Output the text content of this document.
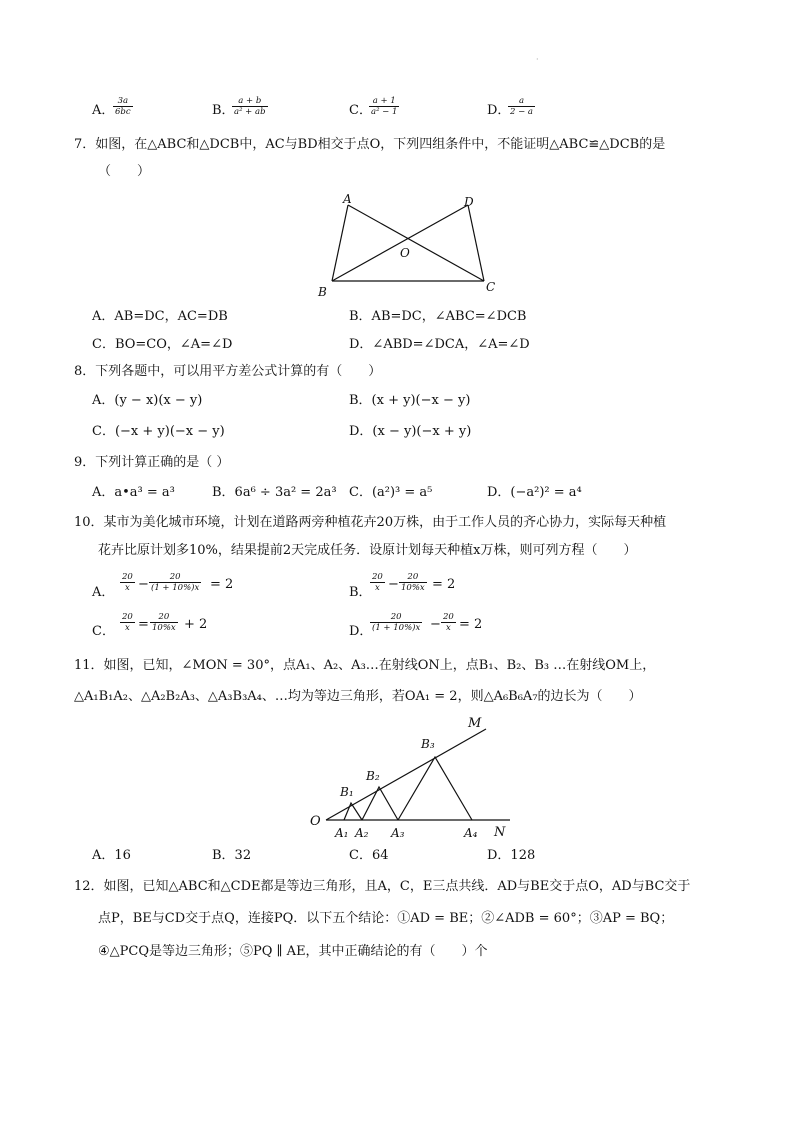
·
A．
$\frac{3a}{6bc}$	B．
$\frac{a + b}{\text{a² + ab}}$	C．
$\frac{a + 1}{\text{a² − 1}}$	D．
$\frac{a}{2 - a}$
7．如图，在△ABC和△DCB中，AC与BD相交于点O，下列四组条件中，不能证明△ABC≌△DCB的是
（　　）
A	D
O
B	C
A．AB=DC，AC=DB	B．AB=DC，∠ABC=∠DCB
C．BO=CO，∠A=∠D	D．∠ABD=∠DCA，∠A=∠D
8．下列各题中，可以用平方差公式计算的有（　　）
A．(y − x)(x − y)	B．(x + y)(−x − y)
C．(−x + y)(−x − y)	D．(x − y)(−x + y)
9．下列计算正确的是（ ）
A．a•a³ = a³	B．6a⁶ ÷ 3a² = 2a³ C．(a²)³ = a⁵	D．(−a²)² = a⁴
10．某市为美化城市环境，计划在道路两旁种植花卉20万株，由于工作人员的齐心协力，实际每天种植
花卉比原计划多10%，结果提前2天完成任务．设原计划每天种植x万株，则可列方程（　　）
A． $\frac{20}{x} - \frac{20}{(1 + 10\%)x} = 2$
B．
$\frac{20}{x} - \frac{20}{10\%x} = 2$
C． $\frac{20}{x} = \frac{20}{10\%x} + 2$	D．
$\frac{20}{(1 + 10\%)x} - \frac{20}{x} = 2$
11．如图，已知，∠MON = 30°，点A₁、A₂、A₃…在射线ON上，点B₁、B₂、B₃ …在射线OM上，
△A₁B₁A₂、△A₂B₂A₃、△A₃B₃A₄、…均为等边三角形，若OA₁ = 2，则△A₆B₆A₇的边长为（　　）
M
B₃
B₂
B₁
O
A₁ A₂ A₃	A₄ N
A．16	B．32	C．64	D．128
12．如图，已知△ABC和△CDE都是等边三角形，且A，C，E三点共线．AD与BE交于点O，AD与BC交于
点P，BE与CD交于点Q，连接PQ．以下五个结论：①AD = BE；②∠ADB = 60°；③AP = BQ；
④△PCQ是等边三角形；⑤PQ ∥ AE，其中正确结论的有（　　）个
